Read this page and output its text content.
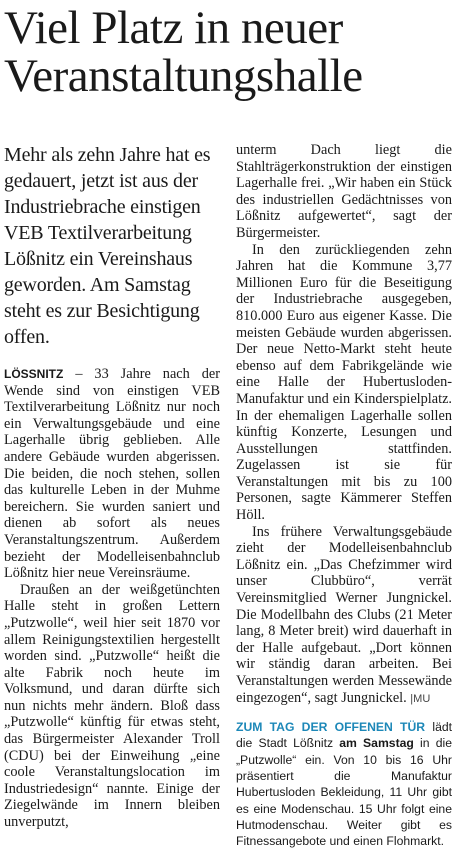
Viel Platz in neuer Veranstaltungshalle

Mehr als zehn Jahre hat es gedauert, jetzt ist aus der Industriebrache einstigen VEB Textilverarbeitung Lößnitz ein Vereinshaus geworden. Am Samstag steht es zur Besichtigung offen.

LÖSSNITZ – 33 Jahre nach der Wende sind von einstigen VEB Textilverarbeitung Lößnitz nur noch ein Verwaltungsgebäude und eine Lagerhalle übrig geblieben. Alle andere Gebäude wurden abgerissen. Die beiden, die noch stehen, sollen das kulturelle Leben in der Muhme bereichern. Sie wurden saniert und dienen ab sofort als neues Veranstaltungszentrum. Außerdem bezieht der Modelleisenbahnclub Lößnitz hier neue Vereinsräume.

Draußen an der weißgetünchten Halle steht in großen Lettern „Putzwolle“, weil hier seit 1870 vor allem Reinigungstextilien hergestellt worden sind. „Putzwolle“ heißt die alte Fabrik noch heute im Volksmund, und daran dürfte sich nun nichts mehr ändern. Bloß dass „Putzwolle“ künftig für etwas steht, das Bürgermeister Alexander Troll (CDU) bei der Einweihung „eine coole Veranstaltungslocation im Industriedesign“ nannte. Einige der Ziegelwände im Innern bleiben unverputzt,

unterm Dach liegt die Stahlträgerkonstruktion der einstigen Lagerhalle frei. „Wir haben ein Stück des industriellen Gedächtnisses von Lößnitz aufgewertet“, sagt der Bürgermeister.

In den zurückliegenden zehn Jahren hat die Kommune 3,77 Millionen Euro für die Beseitigung der Industriebrache ausgegeben, 810.000 Euro aus eigener Kasse. Die meisten Gebäude wurden abgerissen. Der neue Netto-Markt steht heute ebenso auf dem Fabrikgelände wie eine Halle der Hubertusloden-Manufaktur und ein Kinderspielplatz. In der ehemaligen Lagerhalle sollen künftig Konzerte, Lesungen und Ausstellungen stattfinden. Zugelassen ist sie für Veranstaltungen mit bis zu 100 Personen, sagte Kämmerer Steffen Höll.

Ins frühere Verwaltungsgebäude zieht der Modelleisenbahnclub Lößnitz ein. „Das Chefzimmer wird unser Clubbüro“, verrät Vereinsmitglied Werner Jungnickel. Die Modellbahn des Clubs (21 Meter lang, 8 Meter breit) wird dauerhaft in der Halle aufgebaut. „Dort können wir ständig daran arbeiten. Bei Veranstaltungen werden Messewände eingezogen“, sagt Jungnickel. |MU

ZUM TAG DER OFFENEN TÜR lädt die Stadt Lößnitz am Samstag in die „Putzwolle“ ein. Von 10 bis 16 Uhr präsentiert die Manufaktur Hubertusloden Bekleidung, 11 Uhr gibt es eine Modenschau. 15 Uhr folgt eine Hutmodenschau. Weiter gibt es Fitnessangebote und einen Flohmarkt.
